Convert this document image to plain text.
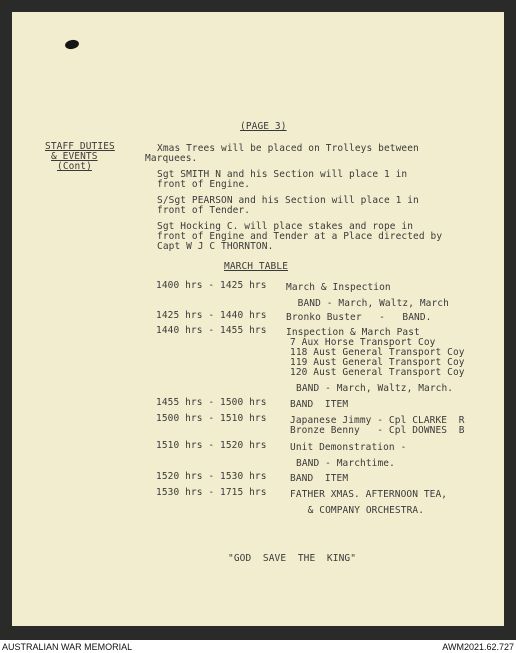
(PAGE 3)
STAFF DUTIES
& EVENTS
(Cont)
Xmas Trees will be placed on Trolleys between
Marquees.
Sgt SMITH N and his Section will place 1 in
front of Engine.
S/Sgt PEARSON and his Section will place 1 in
front of Tender.
Sgt Hocking C. will place stakes and rope in
front of Engine and Tender at a Place directed by
Capt W J C THORNTON.
MARCH TABLE
1400 hrs - 1425 hrs March & Inspection
BAND - March, Waltz, March
1425 hrs - 1440 hrs Bronko Buster   -   BAND.
1440 hrs - 1455 hrs Inspection & March Past
7 Aux Horse Transport Coy
118 Aust General Transport Coy
119 Aust General Transport Coy
120 Aust General Transport Coy
BAND - March, Waltz, March.
1455 hrs - 1500 hrs BAND  ITEM
1500 hrs - 1510 hrs Japanese Jimmy - Cpl CLARKE  R
Bronze Benny   - Cpl DOWNES  B
1510 hrs - 1520 hrs Unit Demonstration -
BAND - Marchtime.
1520 hrs - 1530 hrs BAND  ITEM
1530 hrs - 1715 hrs FATHER XMAS. AFTERNOON TEA,
& COMPANY ORCHESTRA.
"GOD  SAVE  THE  KING"
AUSTRALIAN WAR MEMORIAL	AWM2021.62.727
